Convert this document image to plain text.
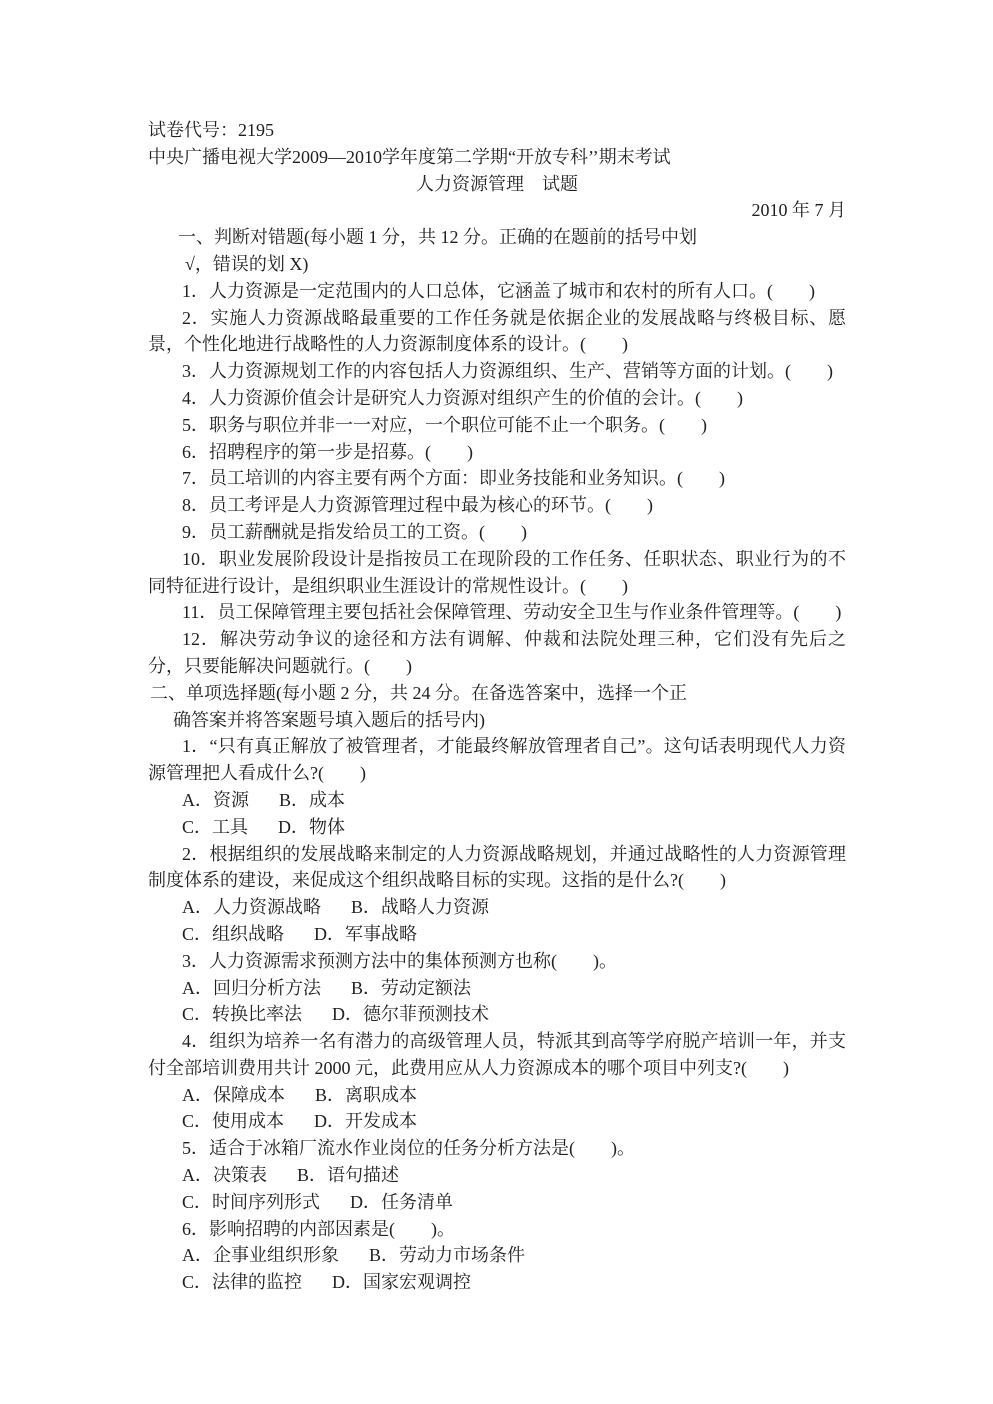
试卷代号：2195

中央广播电视大学2009—2010学年度第二学期“开放专科’’期末考试

人力资源管理　试题

2010 年 7 月

一、判断对错题(每小题 1 分，共 12 分。正确的在题前的括号中划

√，错误的划 X)

1．人力资源是一定范围内的人口总体，它涵盖了城市和农村的所有人口。(　　)

2．实施人力资源战略最重要的工作任务就是依据企业的发展战略与终极目标、愿景，个性化地进行战略性的人力资源制度体系的设计。(　　)

3．人力资源规划工作的内容包括人力资源组织、生产、营销等方面的计划。(　　)

4．人力资源价值会计是研究人力资源对组织产生的价值的会计。(　　)

5．职务与职位并非一一对应，一个职位可能不止一个职务。(　　)

6．招聘程序的第一步是招募。(　　)

7．员工培训的内容主要有两个方面：即业务技能和业务知识。(　　)

8．员工考评是人力资源管理过程中最为核心的环节。(　　)

9．员工薪酬就是指发给员工的工资。(　　)

10．职业发展阶段设计是指按员工在现阶段的工作任务、任职状态、职业行为的不同特征进行设计，是组织职业生涯设计的常规性设计。(　　)

11．员工保障管理主要包括社会保障管理、劳动安全卫生与作业条件管理等。(　　)

12．解决劳动争议的途径和方法有调解、仲裁和法院处理三种，它们没有先后之分，只要能解决问题就行。(　　)

二、单项选择题(每小题 2 分，共 24 分。在备选答案中，选择一个正

确答案并将答案题号填入题后的括号内)

1．“只有真正解放了被管理者，才能最终解放管理者自己”。这句话表明现代人力资源管理把人看成什么?(　　)

A．资源 B．成本

C．工具 D．物体

2．根据组织的发展战略来制定的人力资源战略规划，并通过战略性的人力资源管理制度体系的建设，来促成这个组织战略目标的实现。这指的是什么?(　　)

A．人力资源战略 B．战略人力资源

C．组织战略 D．军事战略

3．人力资源需求预测方法中的集体预测方也称(　　)。

A．回归分析方法 B．劳动定额法

C．转换比率法 D．德尔菲预测技术

4．组织为培养一名有潜力的高级管理人员，特派其到高等学府脱产培训一年，并支付全部培训费用共计 2000 元，此费用应从人力资源成本的哪个项目中列支?(　　)

A．保障成本 B．离职成本

C．使用成本 D．开发成本

5．适合于冰箱厂流水作业岗位的任务分析方法是(　　)。

A．决策表 B．语句描述

C．时间序列形式 D．任务清单

6．影响招聘的内部因素是(　　)。

A．企事业组织形象 B．劳动力市场条件

C．法律的监控 D．国家宏观调控
